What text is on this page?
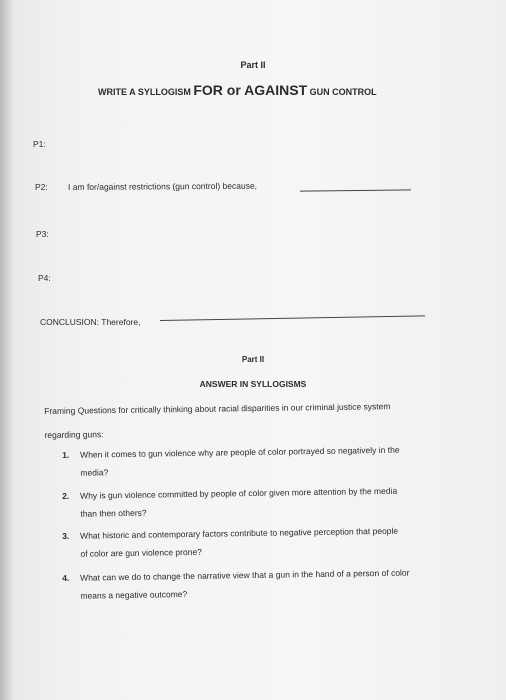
Part II
WRITE A SYLLOGISM FOR or AGAINST GUN CONTROL
P1:
P2: I am for/against restrictions (gun control) because,
P3:
P4:
CONCLUSION: Therefore,
Part II
ANSWER IN SYLLOGISMS
Framing Questions for critically thinking about racial disparities in our criminal justice system
regarding guns:
1. When it comes to gun violence why are people of color portrayed so negatively in the
media?
2. Why is gun violence committed by people of color given more attention by the media
than then others?
3. What historic and contemporary factors contribute to negative perception that people
of color are gun violence prone?
4. What can we do to change the narrative view that a gun in the hand of a person of color
means a negative outcome?
